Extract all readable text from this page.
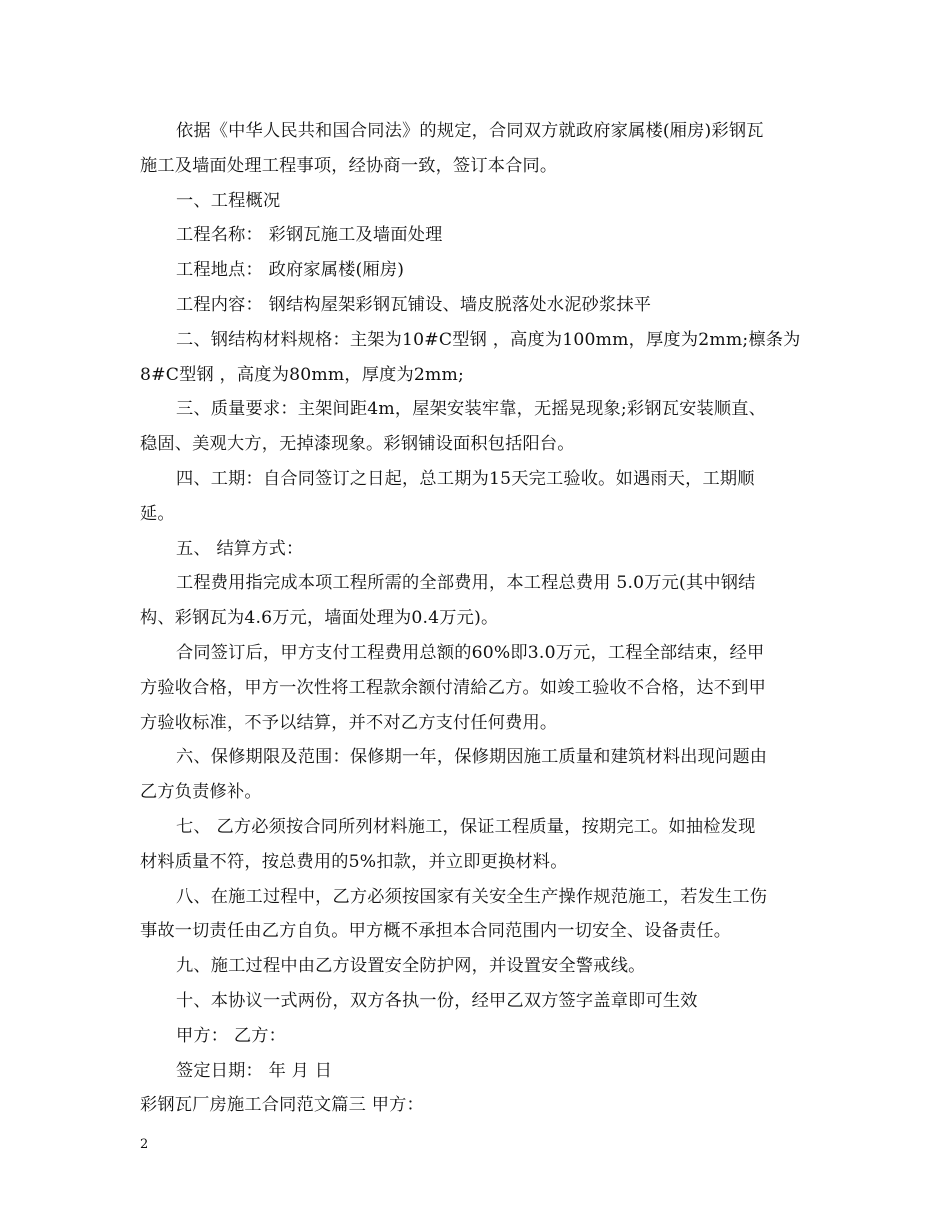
依据《中华人民共和国合同法》的规定，合同双方就政府家属楼(厢房)彩钢瓦
施工及墙面处理工程事项，经协商一致，签订本合同。
一、工程概况
工程名称： 彩钢瓦施工及墙面处理
工程地点： 政府家属楼(厢房)
工程内容： 钢结构屋架彩钢瓦铺设、墙皮脱落处水泥砂浆抹平
二、钢结构材料规格：主架为10#C型钢 ，高度为100mm，厚度为2mm;檩条为
8#C型钢 ，高度为80mm，厚度为2mm;
三、质量要求：主架间距4m，屋架安装牢靠，无摇晃现象;彩钢瓦安装顺直、
稳固、美观大方，无掉漆现象。彩钢铺设面积包括阳台。
四、工期：自合同签订之日起，总工期为15天完工验收。如遇雨天，工期顺
延。
五、 结算方式：
工程费用指完成本项工程所需的全部费用，本工程总费用 5.0万元(其中钢结
构、彩钢瓦为4.6万元，墙面处理为0.4万元)。
合同签订后，甲方支付工程费用总额的60%即3.0万元，工程全部结束，经甲
方验收合格，甲方一次性将工程款余额付清給乙方。如竣工验收不合格，达不到甲
方验收标准，不予以结算，并不对乙方支付任何费用。
六、保修期限及范围：保修期一年，保修期因施工质量和建筑材料出现问题由
乙方负责修补。
七、 乙方必须按合同所列材料施工，保证工程质量，按期完工。如抽检发现
材料质量不符，按总费用的5%扣款，并立即更换材料。
八、在施工过程中，乙方必须按国家有关安全生产操作规范施工，若发生工伤
事故一切责任由乙方自负。甲方概不承担本合同范围内一切安全、设备责任。
九、施工过程中由乙方设置安全防护网，并设置安全警戒线。
十、本协议一式两份，双方各执一份，经甲乙双方签字盖章即可生效
甲方： 乙方：
签定日期： 年 月 日
彩钢瓦厂房施工合同范文篇三 甲方：
2
